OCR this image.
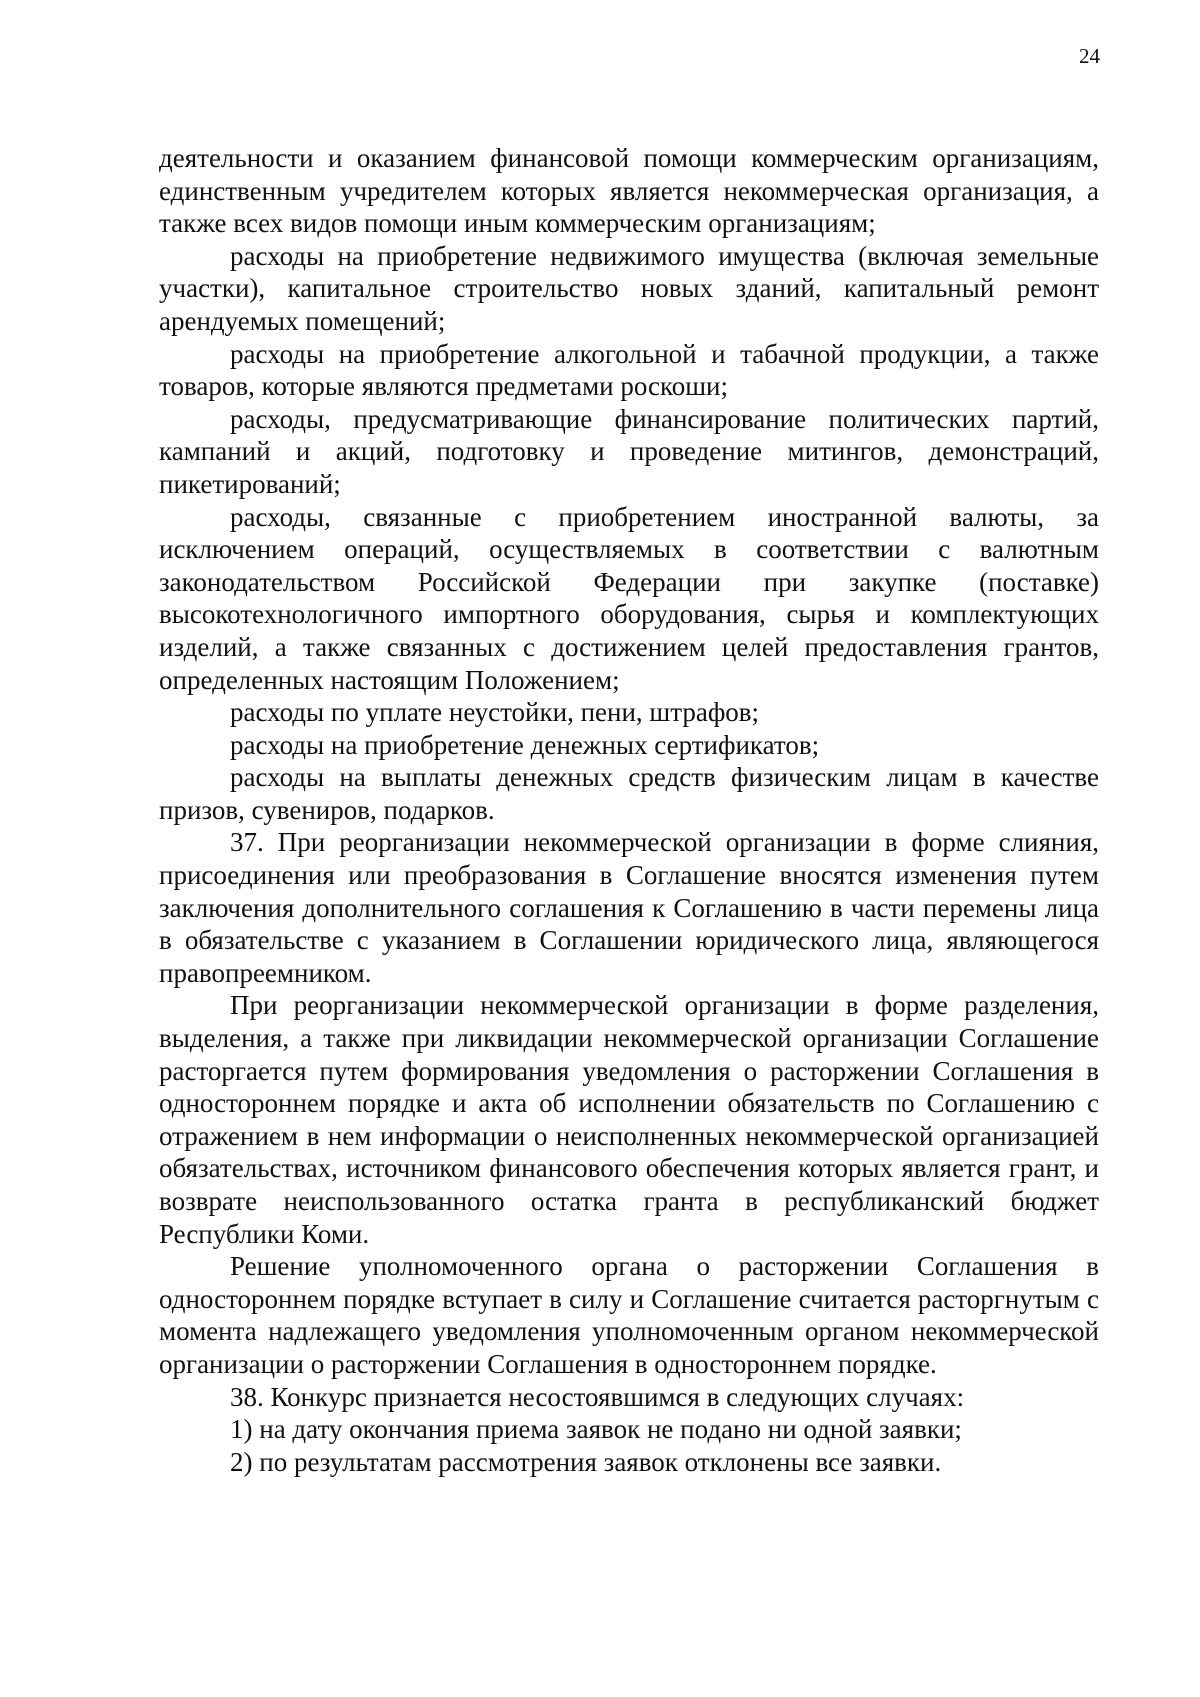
24

деятельности и оказанием финансовой помощи коммерческим организациям, единственным учредителем которых является некоммерческая организация, а также всех видов помощи иным коммерческим организациям;

расходы на приобретение недвижимого имущества (включая земельные участки), капитальное строительство новых зданий, капитальный ремонт арендуемых помещений;

расходы на приобретение алкогольной и табачной продукции, а также товаров, которые являются предметами роскоши;

расходы, предусматривающие финансирование политических партий, кампаний и акций, подготовку и проведение митингов, демонстраций, пикетирований;

расходы, связанные с приобретением иностранной валюты, за исключением операций, осуществляемых в соответствии с валютным законодательством Российской Федерации при закупке (поставке) высокотехнологичного импортного оборудования, сырья и комплектующих изделий, а также связанных с достижением целей предоставления грантов, определенных настоящим Положением;

расходы по уплате неустойки, пени, штрафов;

расходы на приобретение денежных сертификатов;

расходы на выплаты денежных средств физическим лицам в качестве призов, сувениров, подарков.

37. При реорганизации некоммерческой организации в форме слияния, присоединения или преобразования в Соглашение вносятся изменения путем заключения дополнительного соглашения к Соглашению в части перемены лица в обязательстве с указанием в Соглашении юридического лица, являющегося правопреемником.

При реорганизации некоммерческой организации в форме разделения, выделения, а также при ликвидации некоммерческой организации Соглашение расторгается путем формирования уведомления о расторжении Соглашения в одностороннем порядке и акта об исполнении обязательств по Соглашению с отражением в нем информации о неисполненных некоммерческой организацией обязательствах, источником финансового обеспечения которых является грант, и возврате неиспользованного остатка гранта в республиканский бюджет Республики Коми.

Решение уполномоченного органа о расторжении Соглашения в одностороннем порядке вступает в силу и Соглашение считается расторгнутым с момента надлежащего уведомления уполномоченным органом некоммерческой организации о расторжении Соглашения в одностороннем порядке.

38. Конкурс признается несостоявшимся в следующих случаях:

1) на дату окончания приема заявок не подано ни одной заявки;

2) по результатам рассмотрения заявок отклонены все заявки.
